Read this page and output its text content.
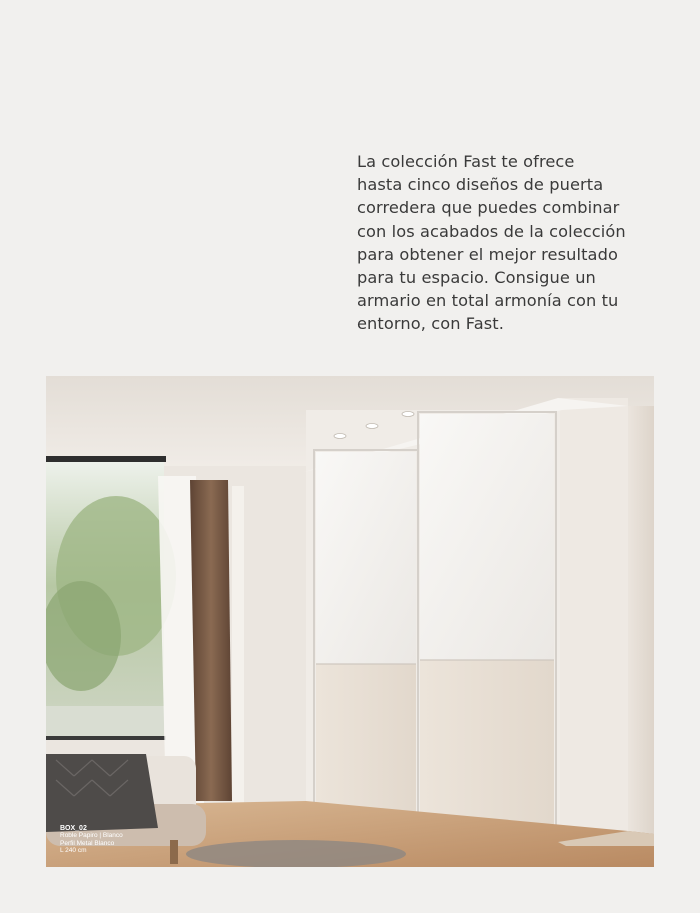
La colección Fast te ofrece
hasta cinco diseños de puerta
corredera que puedes combinar
con los acabados de la colección
para obtener el mejor resultado
para tu espacio. Consigue un
armario en total armonía con tu
entorno, con Fast.
BOX_02
Roble Papiro | Blanco
Perfil Metal Blanco
L 240 cm
